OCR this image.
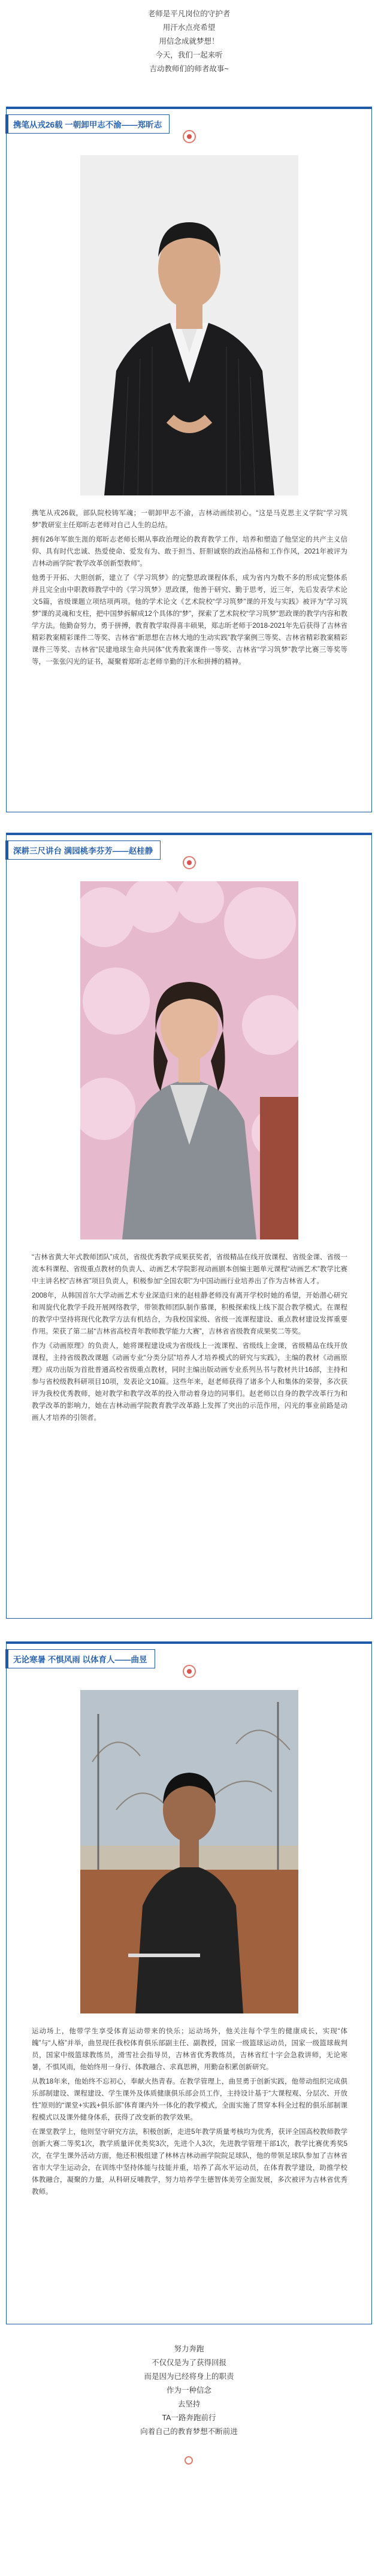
老师是平凡岗位的守护者

用汗水点亮希望

用信念成就梦想！

今天，我们一起来听

吉动教师们的师者故事~

携笔从戎26载 一朝卸甲志不渝——郑昕志

携笔从戎26载，部队院校铸军魂；一朝卸甲志不渝，吉林动画续初心。“这是马克思主义学院“学习筑梦”教研室主任郑昕志老师对自己人生的总结。

拥有26年军旅生涯的郑昕志老师长期从事政治理论的教育教学工作，培养和塑造了他坚定的共产主义信仰、具有时代忠诚、热爱使命、爱发有为、敢于担当、肝胆诚察的政治品格和工作作风，2021年被评为吉林动画学院“教学改革创新型教师”。

他勇于开拓、大胆创新，建立了《学习筑梦》的完整思政课程体系，成为省内为数不多的形成完整体系并且完全由中职教师教学中的《学习筑梦》思政课，他善于研究、勤于思考，近三年，先后发表学术论文5篇，省级课题立项结项两项。他的学术论文《艺术院校“学习筑梦”课的开发与实践》被评为“学习筑梦”课的灵魂和支柱，把中国梦拆解成12个具体的“梦”，探索了艺术院校“学习筑梦”思政课的教学内容和教学方法。他勤奋努力，勇于拼搏，教育教学取得喜丰硕果，郑志昕老师于2018-2021年先后获得了吉林省精彩教案精彩课件二等奖、吉林省“新思想在吉林大地的生动实践”教学案例三等奖、吉林省精彩教案精彩课件三等奖、吉林省“民建地球生命共同体”优秀教案课件一等奖、吉林省“学习筑梦”教学比赛三等奖等等，一张张闪光的证书，凝聚着郑昕志老师辛勤的汗水和拼搏的精神。

深耕三尺讲台 满园桃李芬芳——赵桂静

“吉林省黄大年式教师团队”成员，省级优秀教学成果获奖者，省级精品在线开放课程、省级金课、省级一流本科课程、省级重点教材的负责人、动画艺术学院影视动画剧本创编主题单元课程“动画艺术”教学比赛中主讲名校”吉林省”项目负责人，积极参加“全国农职”为中国动画行业培养出了作为吉林省人才。

2008年，从韩国首尔大学动画艺术专业深造归来的赵桂静老师没有离开学校时她的希望，开始潜心研究和周旋代化教学手段开展网络教学，带领教师团队制作慕课，积极探索线上线下混合教学模式。在课程的教学中坚持将现代化教学方法有机结合，为我校国家级、省级一流课程建设、重点教材建设发挥重要作用。荣获了第二届“吉林省高校青年教师教学能力大赛”，吉林省省级教育成果奖二等奖。

作为《动画原理》的负责人，她将课程建设成为省级线上一流课程、省级线上金课，省级精品在线开放课程，主持省级教改课题《动画专业“分类分层”培养人才培养模式的研究与实践》，主编的教材《动画原理》成功出版为首批普通高校省级重点教材，同时主编出版动画专业系列丛书与教材共计16部，主持和参与省校级教科研项目10项，发表论文10篇。这些年来，赵老师获得了诸多个人和集体的荣誉，多次获评为我校优秀教师，她对教学和教学改革的投入带动着身边的同事们。赵老师以自身的教学改革行为和教学改革的影响力，她在吉林动画学院教育教学改革路上发挥了突出的示范作用，闪光的事业前路是动画人才培养的引领者。

无论寒暑 不惧风雨 以体育人——曲昱

运动场上，他带学生享受体育运动带来的快乐；运动场外，他关注每个学生的健康成长，实现“体魄”与“人格”并举，曲昱现任我校体育俱乐部副主任、副教授，国家一级篮球运动员，国家一级篮球裁判员，国家中级篮球教练员，滑雪社会指导员，吉林省优秀教练员，吉林省红十字会急救讲师，无论寒暑，不惧风雨，他始终用一身行、体教融合、求真思辨，用勤奋积累创新研究。

从教18年来，他始终不忘初心，奉献火热青春。在教学管理上，曲昱勇于创新实践，他带动组织完成俱乐部制建设、课程建设、学生课外及体质健康俱乐部会员工作，主持设计基于“大课程观、分层次、开放性”原则的“课堂+实践+俱乐部”体育课内外一体化的教学模式，全面实施了贯穿本科全过程的俱乐部制课程模式以及课外健身体系，获得了改变新的教学效果。

在课堂教学上，他则坚守研究方法，积极创新，走进5年教学质量考核均为优秀，获评全国高校教师教学创新大赛二等奖1次，教学质量评优类奖3次，先进个人3次，先进教学管理干部1次，教学比赛优秀奖5次，在学生课外活动方面，他还积极组建了林林吉林动画学院院足球队，他的带领足球队参加了吉林省省市大学生运动会，在训练中坚持体能与技能并重，培养了高水平运动员，在体育教学建设，助推学校体教融合，凝聚的力量，从科研反哺教学，努力培养学生德智体美劳全面发展，多次被评为吉林省优秀教师。

努力奔跑

不仅仅是为了获得回报

而是因为已经将身上的职责

作为一种信念

去坚持

TA一路奔跑前行

向着自己的教育梦想不断前进
